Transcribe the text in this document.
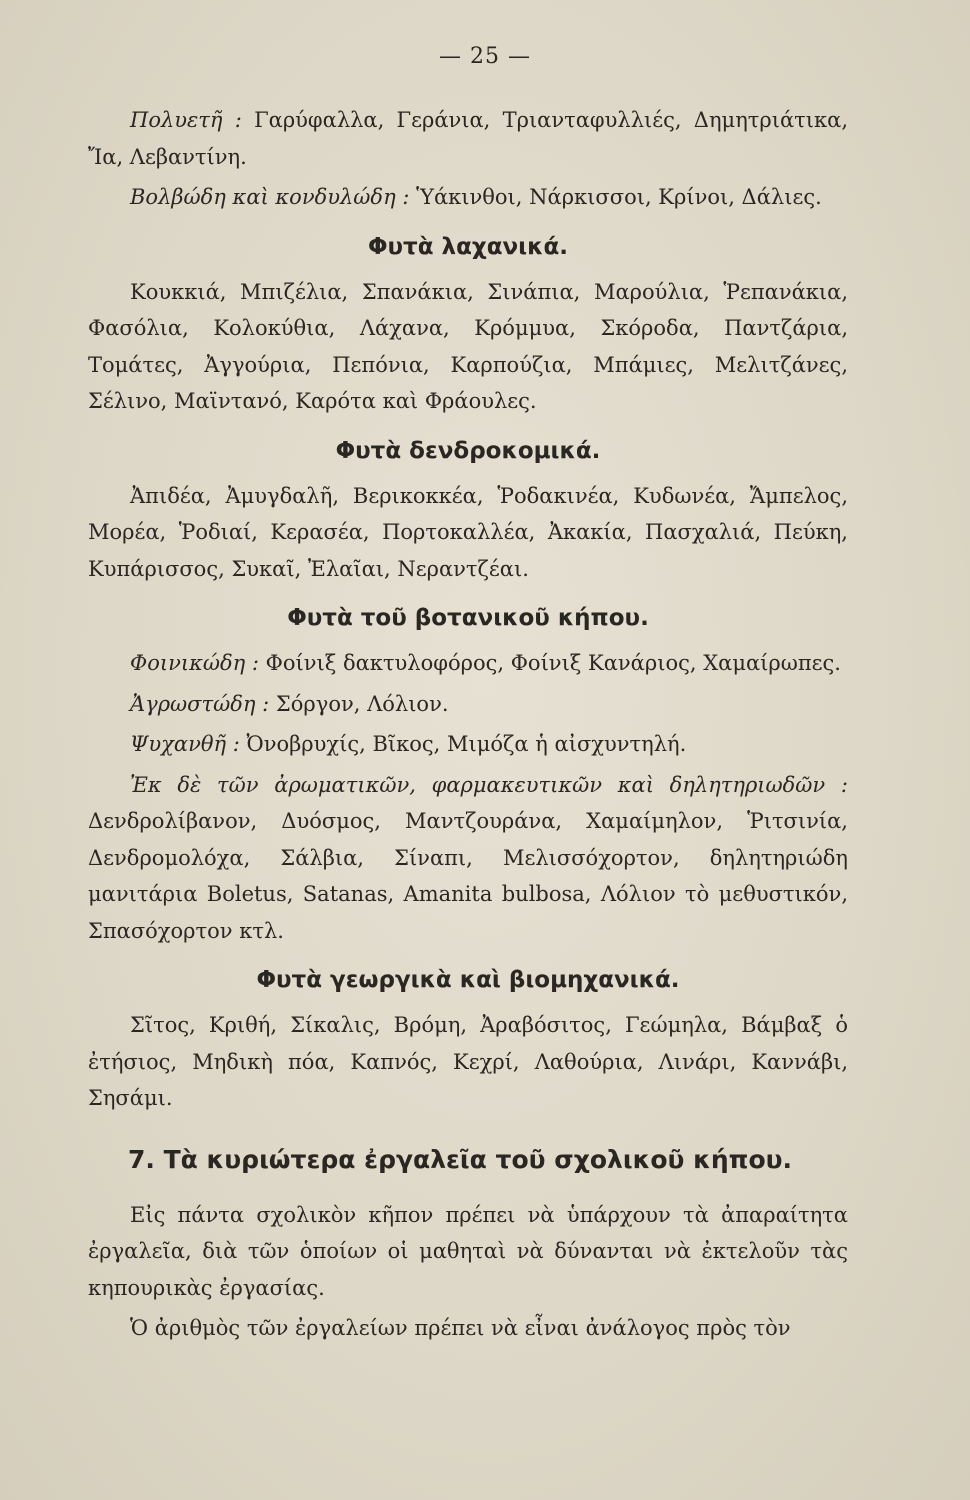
— 25 —

Πολυετῆ : Γαρύφαλλα, Γεράνια, Τριανταφυλλιές, Δημητριάτικα, Ἴα, Λεβαντίνη.

Βολβώδη καὶ κονδυλώδη : Ὑάκινθοι, Νάρκισσοι, Κρίνοι, Δάλιες.

Φυτὰ λαχανικά.

Κουκκιά, Μπιζέλια, Σπανάκια, Σινάπια, Μαρούλια, Ῥεπανάκια, Φασόλια, Κολοκύθια, Λάχανα, Κρόμμυα, Σκόροδα, Παντζάρια, Τομάτες, Ἀγγούρια, Πεπόνια, Καρπούζια, Μπάμιες, Μελιτζάνες, Σέλινο, Μαϊντανό, Καρότα καὶ Φράουλες.

Φυτὰ δενδροκομικά.

Ἀπιδέα, Ἀμυγδαλῆ, Βερικοκκέα, Ῥοδακινέα, Κυδωνέα, Ἄμπελος, Μορέα, Ῥοδιαί, Κερασέα, Πορτοκαλλέα, Ἀκακία, Πασχαλιά, Πεύκη, Κυπάρισσος, Συκαῖ, Ἐλαῖαι, Νεραντζέαι.

Φυτὰ τοῦ βοτανικοῦ κήπου.

Φοινικώδη : Φοίνιξ δακτυλοφόρος, Φοίνιξ Κανάριος, Χαμαίρωπες.

Ἀγρωστώδη : Σόργον, Λόλιον.

Ψυχανθῆ : Ὀνοβρυχίς, Βῖκος, Μιμόζα ἡ αἰσχυντηλή.

Ἐκ δὲ τῶν ἀρωματικῶν, φαρμακευτικῶν καὶ δηλητηριωδῶν : Δενδρολίβανον, Δυόσμος, Μαντζουράνα, Χαμαίμηλον, Ῥιτσινία, Δενδρομολόχα, Σάλβια, Σίναπι, Μελισσόχορτον, δηλητηριώδη μανιτάρια Boletus, Satanas, Amanita bulbosa, Λόλιον τὸ μεθυστικόν, Σπασόχορτον κτλ.

Φυτὰ γεωργικὰ καὶ βιομηχανικά.

Σῖτος, Κριθή, Σίκαλις, Βρόμη, Ἀραβόσιτος, Γεώμηλα, Βάμβαξ ὁ ἐτήσιος, Μηδικὴ πόα, Καπνός, Κεχρί, Λαθούρια, Λινάρι, Καννάβι, Σησάμι.

7. Τὰ κυριώτερα ἐργαλεῖα τοῦ σχολικοῦ κήπου.

Εἰς πάντα σχολικὸν κῆπον πρέπει νὰ ὑπάρχουν τὰ ἀπαραίτητα ἐργαλεῖα, διὰ τῶν ὁποίων οἱ μαθηταὶ νὰ δύνανται νὰ ἐκτελοῦν τὰς κηπουρικὰς ἐργασίας.

Ὁ ἀριθμὸς τῶν ἐργαλείων πρέπει νὰ εἶναι ἀνάλογος πρὸς τὸν
